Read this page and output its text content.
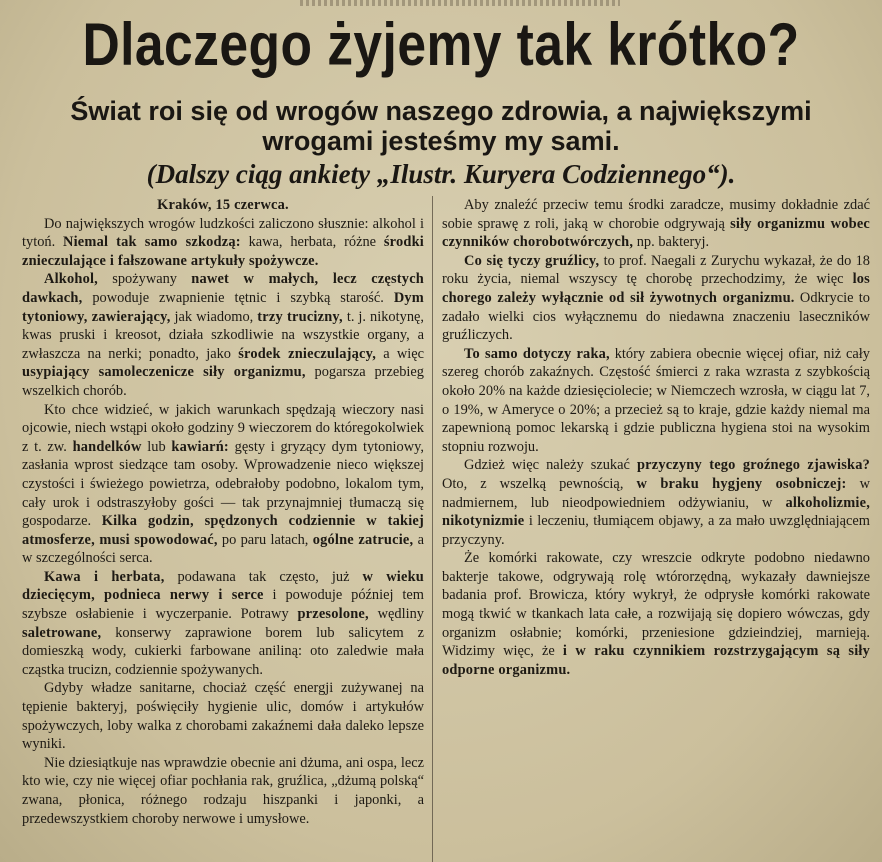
Dlaczego żyjemy tak krótko?
Świat roi się od wrogów naszego zdrowia, a największymi
wrogami jesteśmy my sami.
(Dalszy ciąg ankiety „Ilustr. Kuryera Codziennego“).

Kraków, 15 czerwca.

Do największych wrogów ludzkości zaliczono słusznie: alkohol i tytoń. Niemal tak samo szkodzą: kawa, herbata, różne środki znieczulające i fałszowane artykuły spożywcze.

Alkohol, spożywany nawet w małych, lecz częstych dawkach, powoduje zwapnienie tętnic i szybką starość. Dym tytoniowy, zawierający, jak wiadomo, trzy trucizny, t. j. nikotynę, kwas pruski i kreosot, działa szkodliwie na wszystkie organy, a zwłaszcza na nerki; ponadto, jako środek znieczulający, a więc usypiający samoleczenicze siły organizmu, pogarsza przebieg wszelkich chorób.

Kto chce widzieć, w jakich warunkach spędzają wieczory nasi ojcowie, niech wstąpi około godziny 9 wieczorem do któregokolwiek z t. zw. handelków lub kawiarń: gęsty i gryzący dym tytoniowy, zasłania wprost siedzące tam osoby. Wprowadzenie nieco większej czystości i świeżego powietrza, odebrałoby podobno, lokalom tym, cały urok i odstraszyłoby gości — tak przynajmniej tłumaczą się gospodarze. Kilka godzin, spędzonych codziennie w takiej atmosferze, musi spowodować, po paru latach, ogólne zatrucie, a w szczególności serca.

Kawa i herbata, podawana tak często, już w wieku dziecięcym, podnieca nerwy i serce i powoduje później tem szybsze osłabienie i wyczerpanie. Potrawy przesolone, wędliny saletrowane, konserwy zaprawione borem lub salicytem z domieszką wody, cukierki farbowane aniliną: oto zaledwie mała cząstka trucizn, codziennie spożywanych.

Gdyby władze sanitarne, chociaż część energji zużywanej na tępienie bakteryj, poświęciły hygienie ulic, domów i artykułów spożywczych, loby walka z chorobami zakaźnemi dała daleko lepsze wyniki.

Nie dziesiątkuje nas wprawdzie obecnie ani dżuma, ani ospa, lecz kto wie, czy nie więcej ofiar pochłania rak, gruźlica, „dżumą polską“ zwana, płonica, różnego rodzaju hiszpanki i japonki, a przedewszystkiem choroby nerwowe i umysłowe.

Aby znaleźć przeciw temu środki zaradcze, musimy dokładnie zdać sobie sprawę z roli, jaką w chorobie odgrywają siły organizmu wobec czynników chorobotwórczych, np. bakteryj.

Co się tyczy gruźlicy, to prof. Naegali z Zurychu wykazał, że do 18 roku życia, niemal wszyscy tę chorobę przechodzimy, że więc los chorego zależy wyłącznie od sił żywotnych organizmu. Odkrycie to zadało wielki cios wyłącznemu do niedawna znaczeniu laseczników gruźliczych.

To samo dotyczy raka, który zabiera obecnie więcej ofiar, niż cały szereg chorób zakaźnych. Częstość śmierci z raka wzrasta z szybkością około 20% na każde dziesięciolecie; w Niemczech wzrosła, w ciągu lat 7, o 19%, w Ameryce o 20%; a przecież są to kraje, gdzie każdy niemal ma zapewnioną pomoc lekarską i gdzie publiczna hygiena stoi na wysokim stopniu rozwoju.

Gdzież więc należy szukać przyczyny tego groźnego zjawiska? Oto, z wszelką pewnością, w braku hygjeny osobniczej: w nadmiernem, lub nieodpowiedniem odżywianiu, w alkoholizmie, nikotynizmie i leczeniu, tłumiącem objawy, a za mało uwzględniającem przyczyny.

Że komórki rakowate, czy wreszcie odkryte podobno niedawno bakterje takowe, odgrywają rolę wtórorzędną, wykazały dawniejsze badania prof. Browicza, który wykrył, że odprysłe komórki rakowate mogą tkwić w tkankach lata całe, a rozwijają się dopiero wówczas, gdy organizm osłabnie; komórki, przeniesione gdzieindziej, marnieją. Widzimy więc, że i w raku czynnikiem rozstrzygającym są siły odporne organizmu.
